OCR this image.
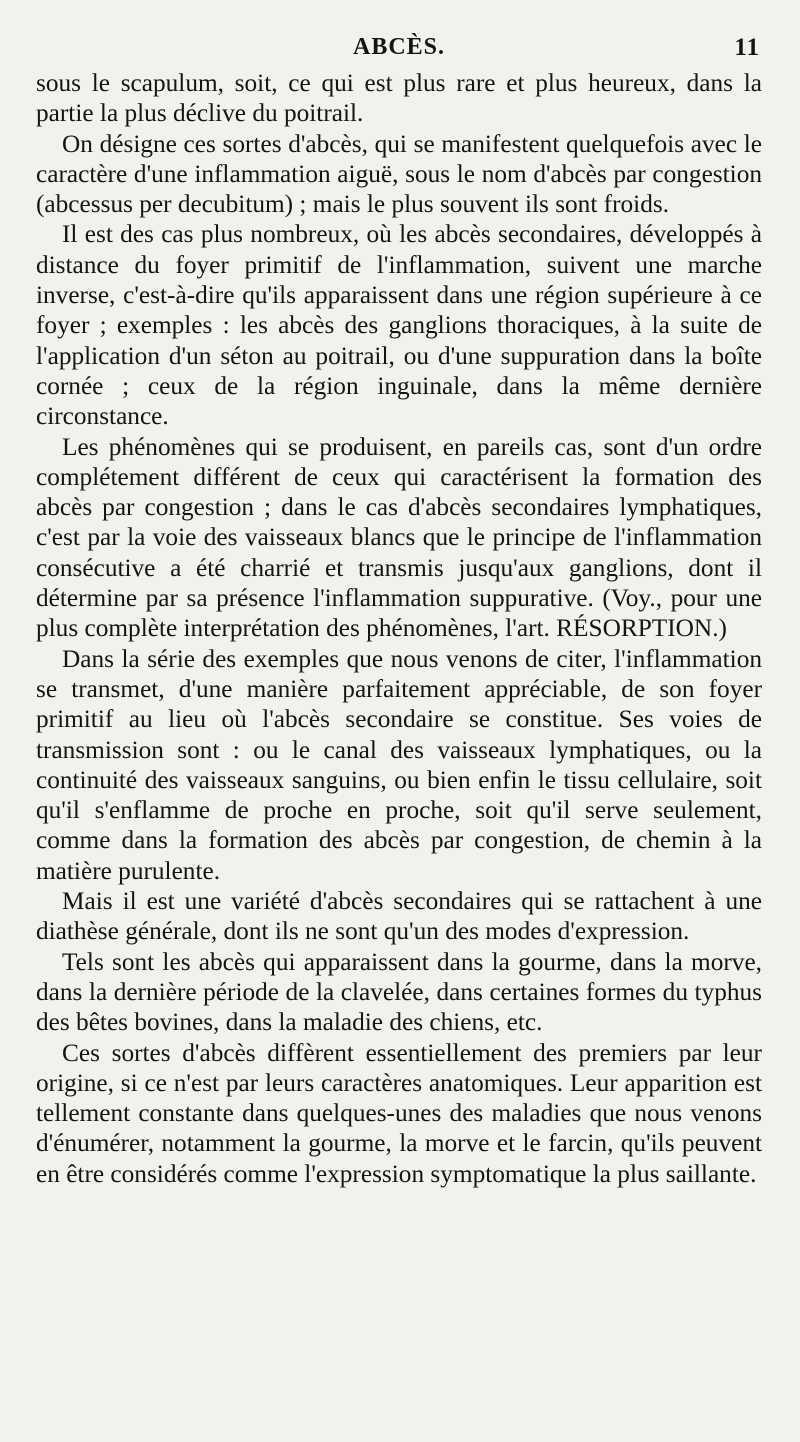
ABCÈS.	11

sous le scapulum, soit, ce qui est plus rare et plus heureux, dans la partie la plus déclive du poitrail.

On désigne ces sortes d'abcès, qui se manifestent quelquefois avec le caractère d'une inflammation aiguë, sous le nom d'abcès par congestion (abcessus per decubitum) ; mais le plus souvent ils sont froids.

Il est des cas plus nombreux, où les abcès secondaires, développés à distance du foyer primitif de l'inflammation, suivent une marche inverse, c'est-à-dire qu'ils apparaissent dans une région supérieure à ce foyer ; exemples : les abcès des ganglions thoraciques, à la suite de l'application d'un séton au poitrail, ou d'une suppuration dans la boîte cornée ; ceux de la région inguinale, dans la même dernière circonstance.

Les phénomènes qui se produisent, en pareils cas, sont d'un ordre complétement différent de ceux qui caractérisent la formation des abcès par congestion ; dans le cas d'abcès secondaires lymphatiques, c'est par la voie des vaisseaux blancs que le principe de l'inflammation consécutive a été charrié et transmis jusqu'aux ganglions, dont il détermine par sa présence l'inflammation suppurative. (Voy., pour une plus complète interprétation des phénomènes, l'art. RÉSORPTION.)

Dans la série des exemples que nous venons de citer, l'inflammation se transmet, d'une manière parfaitement appréciable, de son foyer primitif au lieu où l'abcès secondaire se constitue. Ses voies de transmission sont : ou le canal des vaisseaux lymphatiques, ou la continuité des vaisseaux sanguins, ou bien enfin le tissu cellulaire, soit qu'il s'enflamme de proche en proche, soit qu'il serve seulement, comme dans la formation des abcès par congestion, de chemin à la matière purulente.

Mais il est une variété d'abcès secondaires qui se rattachent à une diathèse générale, dont ils ne sont qu'un des modes d'expression.

Tels sont les abcès qui apparaissent dans la gourme, dans la morve, dans la dernière période de la clavelée, dans certaines formes du typhus des bêtes bovines, dans la maladie des chiens, etc.

Ces sortes d'abcès diffèrent essentiellement des premiers par leur origine, si ce n'est par leurs caractères anatomiques. Leur apparition est tellement constante dans quelques-unes des maladies que nous venons d'énumérer, notamment la gourme, la morve et le farcin, qu'ils peuvent en être considérés comme l'expression symptomatique la plus saillante.
